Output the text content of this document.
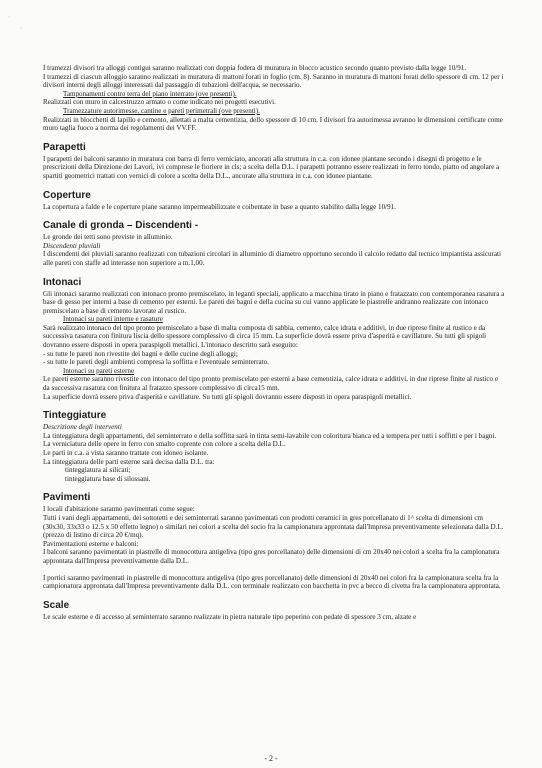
·
·

I tramezzi divisori tra alloggi contigui saranno realizzati con doppia fodera di muratura in blocco acustico secondo quanto previsto dalla legge 10/91.

I tramezzi di ciascun alloggio saranno realizzati in muratura di mattoni forati in foglio (cm. 8). Saranno in muratura di mattoni forati dello spessore di cm. 12 per i divisori interni degli alloggi interessati dal passaggio di tubazioni dell'acqua, se necessario.

Tamponamenti contro terra del piano interrato (ove presenti).

Realizzati con muro in calcestruzzo armato o come indicato nei progetti esecutivi.

Tramezzature autorimesse, cantine e pareti perimetrali (ove presenti).

Realizzati in blocchetti di lapillo e cemento, allettati a malta cementizia, dello spessore di 10 cm. I divisori fra autorimessa avranno le dimensioni certificate come muro taglia fuoco a norma dei regolamenti dei VV.FF.

Parapetti

I parapetti dei balconi saranno in muratura con barra di ferro verniciato, ancorati alla struttura in c.a. con idonee piantane secondo i disegni di progetto e le prescrizioni della Direzione dei Lavori, ivi comprese le fioriere in cls; a scelta della D.L. i parapetti potranno essere realizzati in ferro tondo, piatto od angolare a spartiti geometrici trattati con vernici di colore a scelta della D.L., ancorate alla struttura in c.a. con idonee piantane.

Coperture

La copertura a falde e le coperture piane saranno impermeabilizzate e coibentate in base a quanto stabilito dalla legge 10/91.

Canale di gronda – Discendenti -

Le gronde dei tetti sono previste in alluminio.

Discendenti pluviali

I discendenti dei pluviali saranno realizzati con tubazioni circolari in alluminio di diametro opportuno secondo il calcolo redatto dal tecnico impiantista assicurati alle pareti con staffe ad interasse non superiore a m.1,00.

Intonaci

Gli intonaci saranno realizzati con intonaco pronto premiscelato, in leganti speciali, applicato a macchina tirato in piano e fratazzato con contemporanea rasatura a base di gesso per interni a base di cemento per esterni. Le pareti dei bagni e della cucina su cui vanno applicate le piastrelle andranno realizzate con intonaco premiscelato a base di cemento lavorate al rustico.

Intonaci su pareti interne e rasature

Sarà realizzato intonaco del tipo pronto premiscelato a base di malta composta di sabbia, cemento, calce idrata e additivi, in due riprese finite al rustico e da successiva rasatura con finitura liscia dello spessore complessivo di circa 15 mm. La superficie dovrà essere priva d'asperità e cavillature. Su tutti gli spigoli dovranno essere disposti in opera paraspigoli metallici. L'intonaco descritto sarà eseguito:

- su tutte le pareti non rivestite dei bagni e delle cucine degli alloggi;

- su tutte le pareti degli ambienti compresa la soffitta e l'eventuale seminterrato.

Intonaci su pareti esterne

Le pareti esterne saranno rivestite con intonaco del tipo pronto premiscelato per esterni a base cementizia, calce idrata e additivi, in due riprese finite al rustico e da successiva rasatura con finitura al fratazzo spessore complessivo di circa15 mm.

La superficie dovrà essere priva d'asperità e cavillature. Su tutti gli spigoli dovranno essere disposti in opera paraspigoli metallici.

Tinteggiature

Descrizione degli interventi

La tinteggiatura degli appartamenti, del seminterrato e della soffitta sarà in tinta semi-lavabile con coloritura bianca ed a tempera per tutti i soffitti e per i bagni.

La verniciatura delle opere in ferro con smalto coprente con colore a scelta della D.L.

Le parti in c.a. a vista saranno trattate con idoneo isolante.

La tinteggiatura delle parti esterne sarà decisa dalla D.L. tra:

tinteggiatura ai silicati;

tinteggiatura base di silossani.

Pavimenti

I locali d'abitazione saranno pavimentati come segue:

Tutti i vani degli appartamenti, dei sottotetti e dei seminterrati saranno pavimentati con prodotti ceramici in gres porcellanato di 1^ scelta di dimensioni cm (30x30, 33x33 o 12.5 x 50 effetto legno) o similari nei colori a scelta del socio fra la campionatura approntata dall'Impresa preventivamente selezionata dalla D.L. (prezzo di listino di circa 20 €/mq).

Pavimentazioni esterne e balconi:

I balconi saranno pavimentati in piastrelle di monocottura antigeliva (tipo gres porcellanato) delle dimensioni di cm 20x40 nei colori a scelta fra la campionatura approntata dall'Impresa preventivamente dalla D.L.

I portici saranno pavimentati in piastrelle di monocottura antigeliva (tipo gres porcellanato) delle dimensioni di 20x40 nei colori fra la campionatura scelta fra la campionatura approntata dall'Impresa preventivamente dalla D.L. con terminale realizzato con bacchetta in pvc a becco di civetta fra la campionatura approntata.

Scale

Le scale esterne e di accesso al seminterrato saranno realizzate in pietra naturale tipo peperino con pedate di spessore 3 cm, alzate e

- 2 -
